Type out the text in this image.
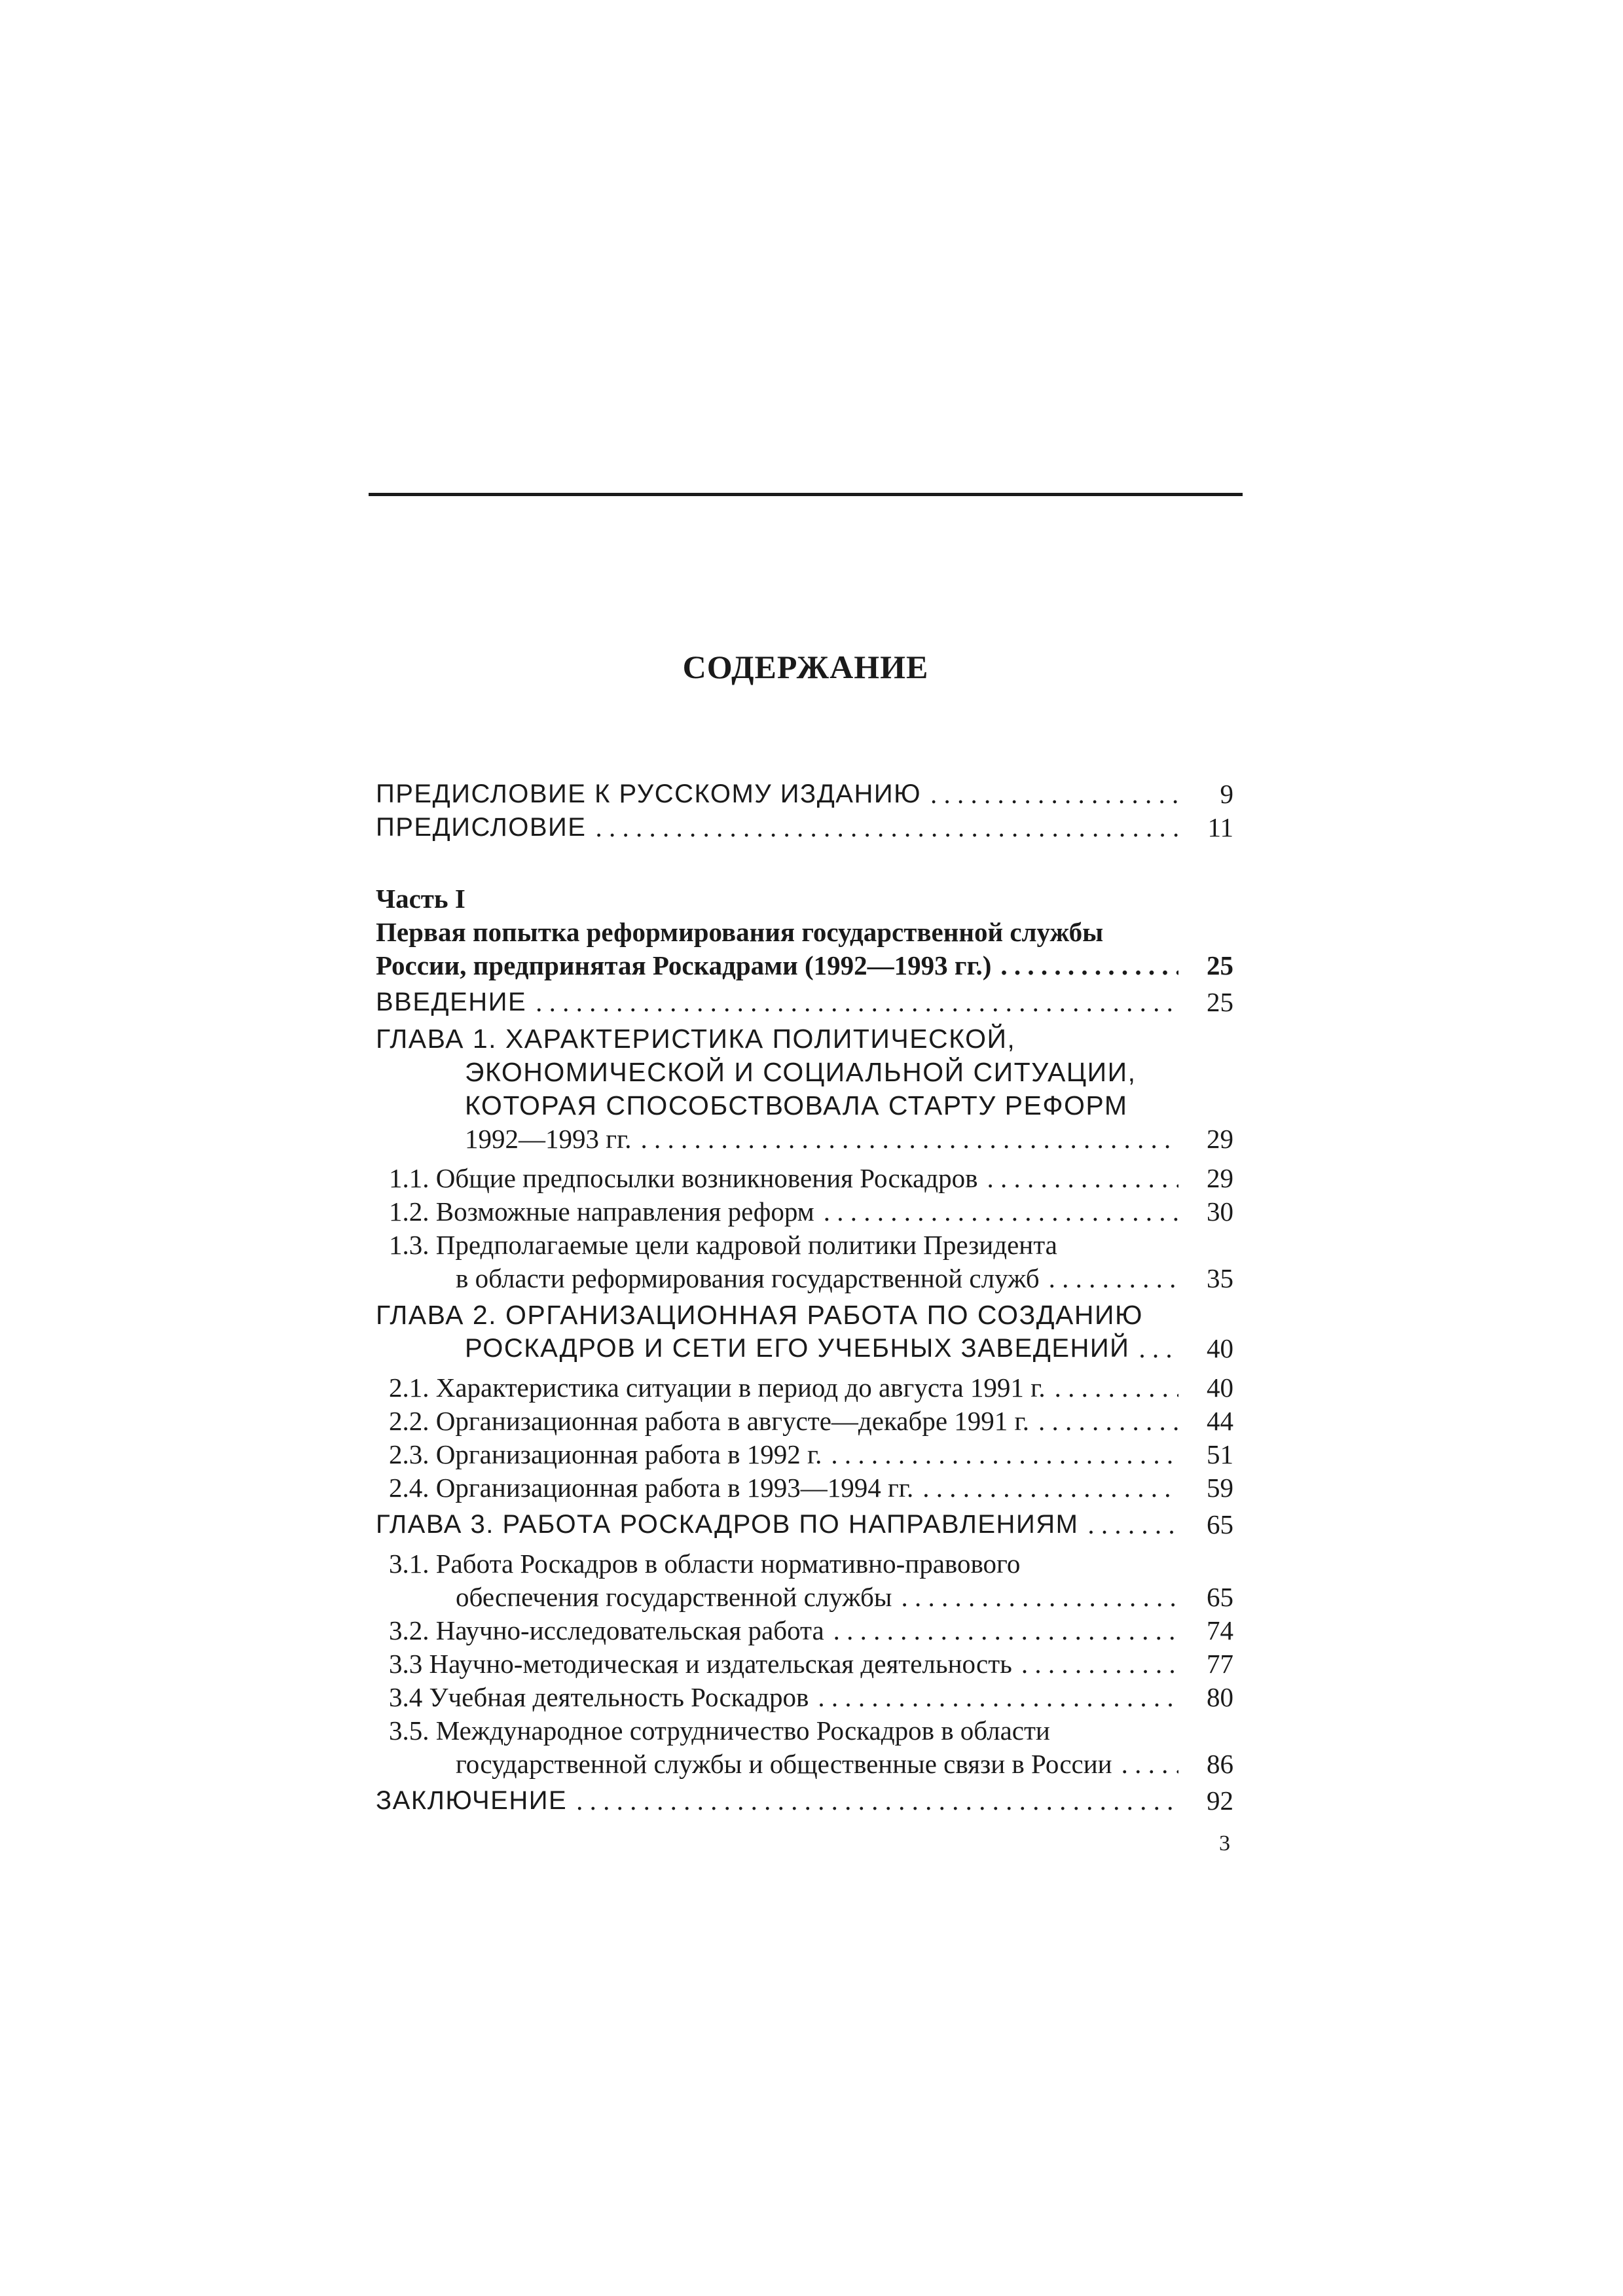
СОДЕРЖАНИЕ
ПРЕДИСЛОВИЕ К РУССКОМУ ИЗДАНИЮ . . .	9
ПРЕДИСЛОВИЕ . . .	11
Часть I
Первая попытка реформирования государственной службы
России, предпринятая Роскадрами (1992—1993 гг.) . . .	25
ВВЕДЕНИЕ . . .	25
ГЛАВА 1. ХАРАКТЕРИСТИКА ПОЛИТИЧЕСКОЙ,
ЭКОНОМИЧЕСКОЙ И СОЦИАЛЬНОЙ СИТУАЦИИ,
КОТОРАЯ СПОСОБСТВОВАЛА СТАРТУ РЕФОРМ
1992—1993 гг. . . .	29
1.1. Общие предпосылки возникновения Роскадров . . .	29
1.2. Возможные направления реформ . . .	30
1.3. Предполагаемые цели кадровой политики Президента
в области реформирования государственной служб . . .	35
ГЛАВА 2. ОРГАНИЗАЦИОННАЯ РАБОТА ПО СОЗДАНИЮ
РОСКАДРОВ И СЕТИ ЕГО УЧЕБНЫХ ЗАВЕДЕНИЙ . . .	40
2.1. Характеристика ситуации в период до августа 1991 г. . . .	40
2.2. Организационная работа в августе—декабре 1991 г. . . .	44
2.3. Организационная работа в 1992 г. . . .	51
2.4. Организационная работа в 1993—1994 гг. . . .	59
ГЛАВА 3. РАБОТА РОСКАДРОВ ПО НАПРАВЛЕНИЯМ . . .	65
3.1. Работа Роскадров в области нормативно-правового
обеспечения государственной службы . . .	65
3.2. Научно-исследовательская работа . . .	74
3.3 Научно-методическая и издательская деятельность . . .	77
3.4 Учебная деятельность Роскадров . . .	80
3.5. Международное сотрудничество Роскадров в области
государственной службы и общественные связи в России . . .	86
ЗАКЛЮЧЕНИЕ . . .	92
3
